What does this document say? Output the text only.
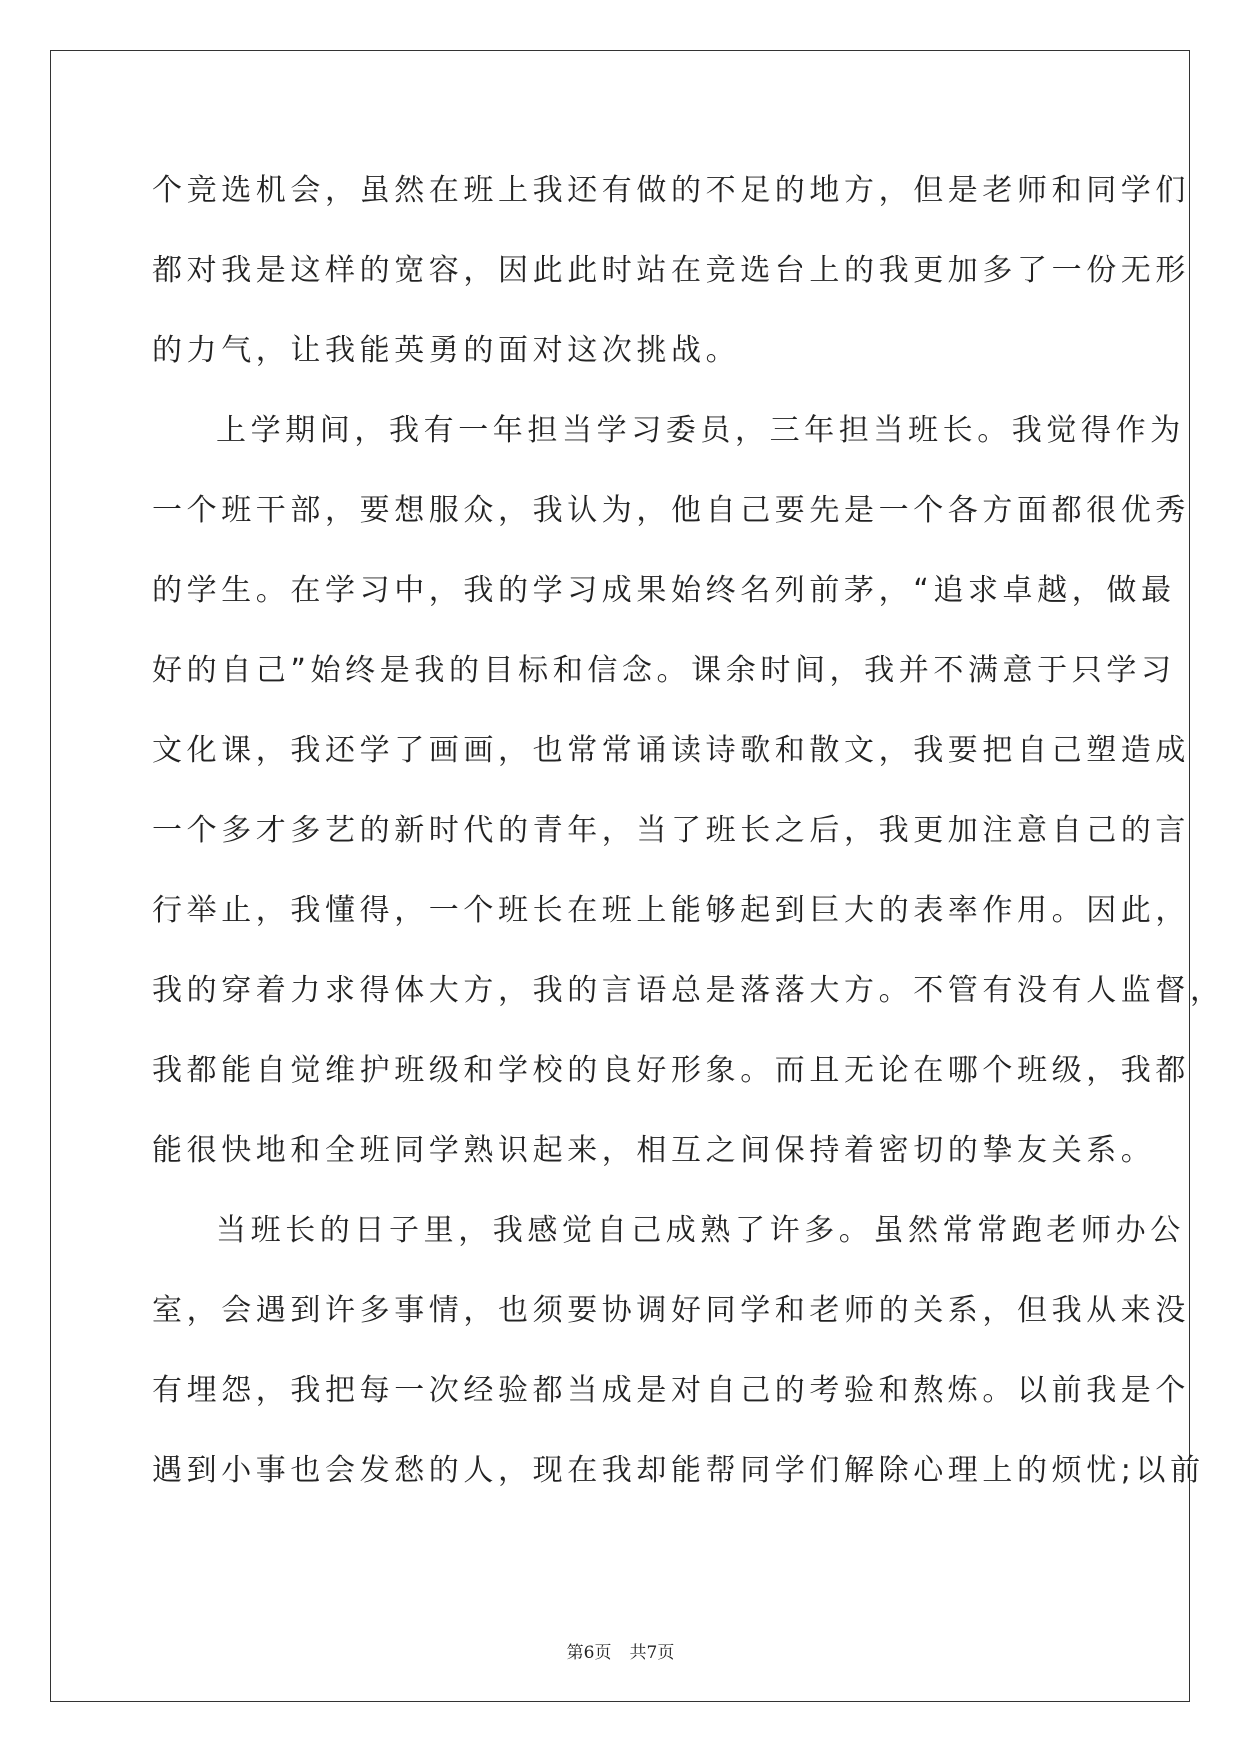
个竞选机会，虽然在班上我还有做的不足的地方，但是老师和同学们
都对我是这样的宽容，因此此时站在竞选台上的我更加多了一份无形
的力气，让我能英勇的面对这次挑战。
上学期间，我有一年担当学习委员，三年担当班长。我觉得作为
一个班干部，要想服众，我认为，他自己要先是一个各方面都很优秀
的学生。在学习中，我的学习成果始终名列前茅，“追求卓越，做最
好的自己”始终是我的目标和信念。课余时间，我并不满意于只学习
文化课，我还学了画画，也常常诵读诗歌和散文，我要把自己塑造成
一个多才多艺的新时代的青年，当了班长之后，我更加注意自己的言
行举止，我懂得，一个班长在班上能够起到巨大的表率作用。因此，
我的穿着力求得体大方，我的言语总是落落大方。不管有没有人监督，
我都能自觉维护班级和学校的良好形象。而且无论在哪个班级，我都
能很快地和全班同学熟识起来，相互之间保持着密切的挚友关系。
当班长的日子里，我感觉自己成熟了许多。虽然常常跑老师办公
室，会遇到许多事情，也须要协调好同学和老师的关系，但我从来没
有埋怨，我把每一次经验都当成是对自己的考验和熬炼。以前我是个
遇到小事也会发愁的人，现在我却能帮同学们解除心理上的烦忧;以前
第6页 共7页
